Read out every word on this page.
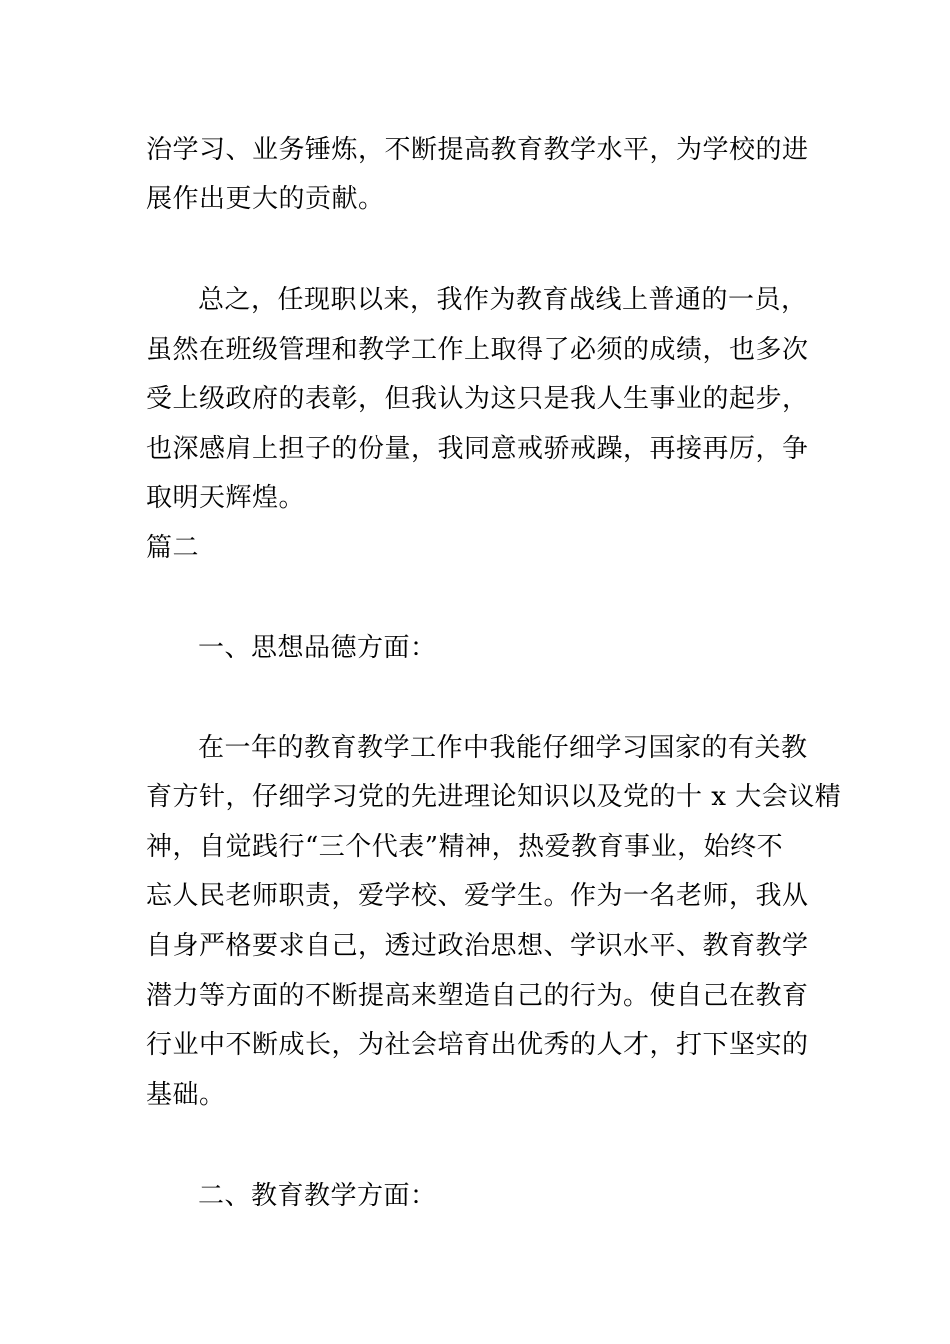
治学习、业务锤炼，不断提高教育教学水平，为学校的进
展作出更大的贡献。
总之，任现职以来，我作为教育战线上普通的一员，
虽然在班级管理和教学工作上取得了必须的成绩，也多次
受上级政府的表彰，但我认为这只是我人生事业的起步，
也深感肩上担子的份量，我同意戒骄戒躁，再接再厉，争
取明天辉煌。
篇二
一、思想品德方面：
在一年的教育教学工作中我能仔细学习国家的有关教
育方针，仔细学习党的先进理论知识以及党的十 x 大会议精
神，自觉践行“三个代表”精神，热爱教育事业，始终不
忘人民老师职责，爱学校、爱学生。作为一名老师，我从
自身严格要求自己，透过政治思想、学识水平、教育教学
潜力等方面的不断提高来塑造自己的行为。使自己在教育
行业中不断成长，为社会培育出优秀的人才，打下坚实的
基础。
二、教育教学方面：
